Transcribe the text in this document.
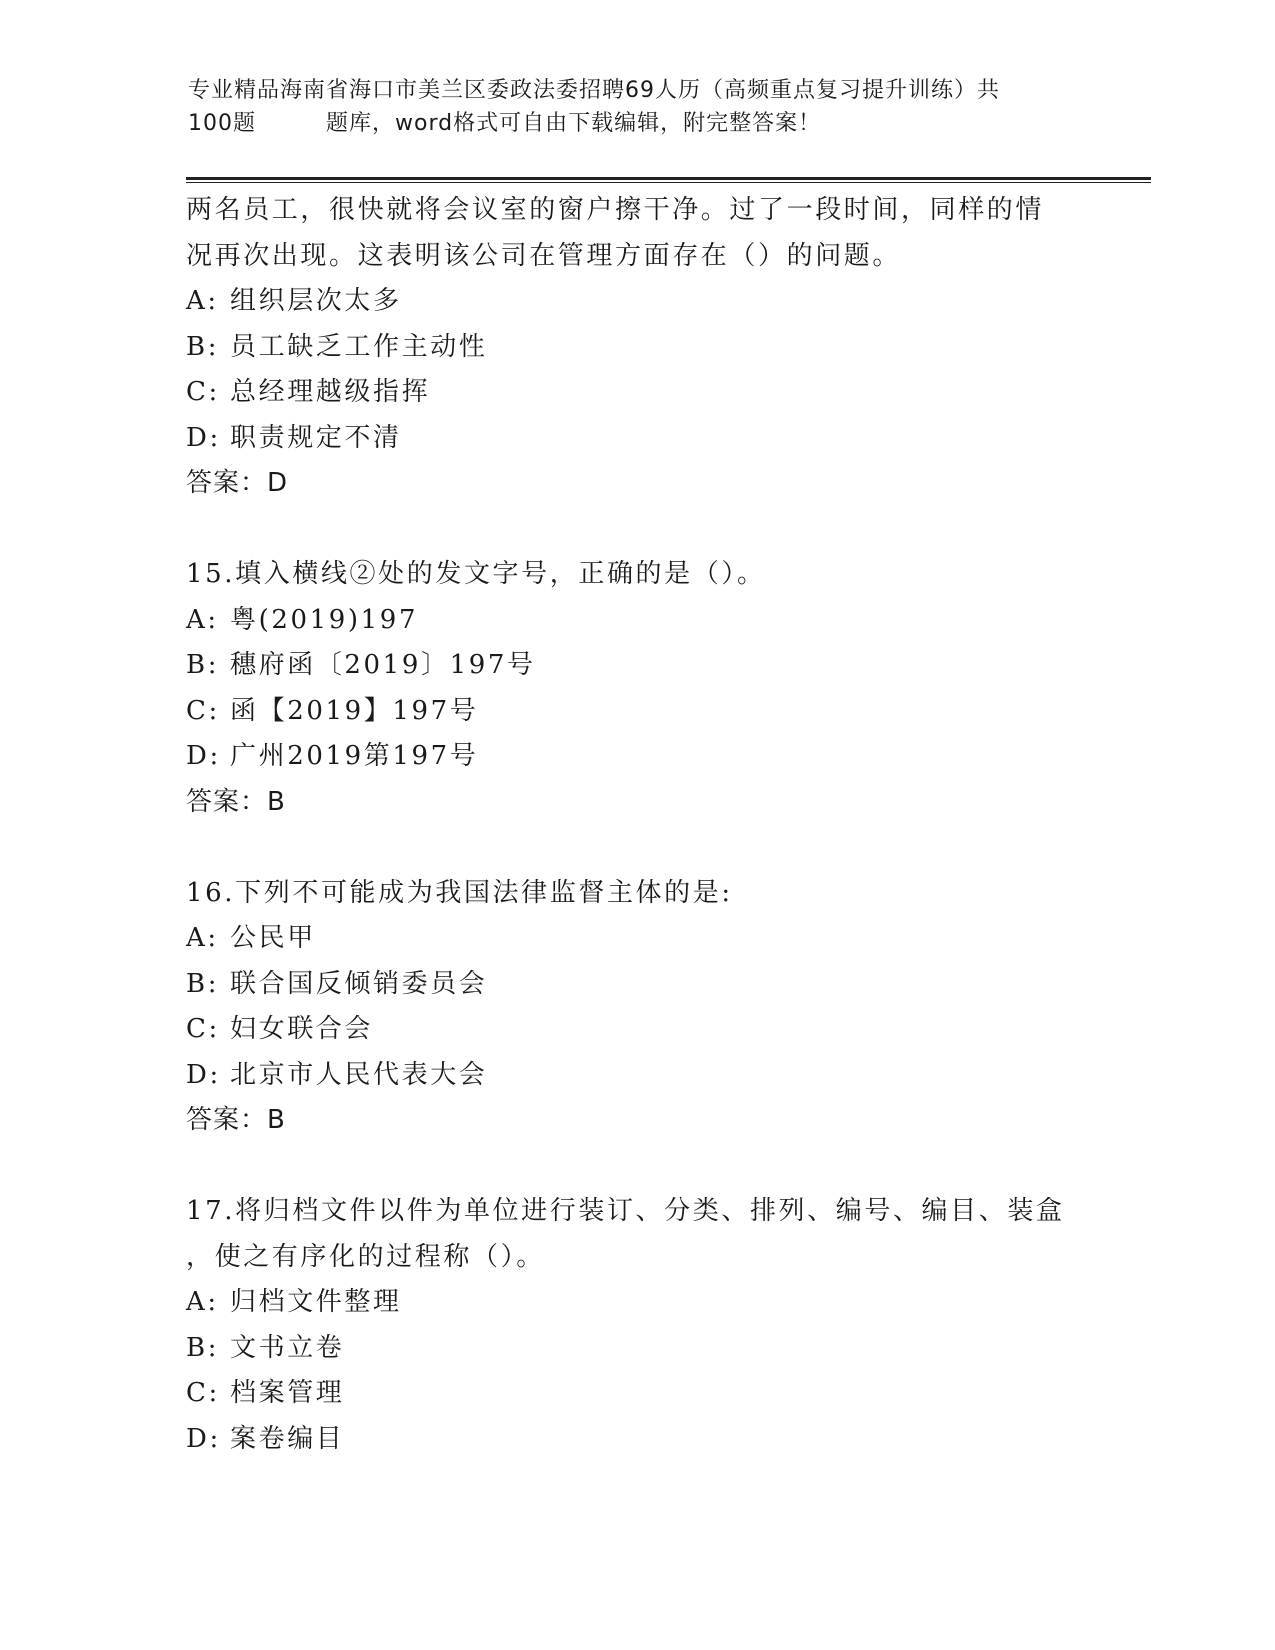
专业精品海南省海口市美兰区委政法委招聘69人历（高频重点复习提升训练）共
100题	题库，word格式可自由下载编辑，附完整答案！
两名员工，很快就将会议室的窗户擦干净。过了一段时间，同样的情
况再次出现。这表明该公司在管理方面存在（）的问题。
A: 组织层次太多
B: 员工缺乏工作主动性
C: 总经理越级指挥
D: 职责规定不清
答案：D
15.填入横线②处的发文字号，正确的是（）。
A: 粤(2019)197
B: 穗府函〔2019〕197号
C: 函【2019】197号
D: 广州2019第197号
答案：B
16.下列不可能成为我国法律监督主体的是:
A: 公民甲
B: 联合国反倾销委员会
C: 妇女联合会
D: 北京市人民代表大会
答案：B
17.将归档文件以件为单位进行装订、分类、排列、编号、编目、装盒
，使之有序化的过程称（）。
A: 归档文件整理
B: 文书立卷
C: 档案管理
D: 案卷编目
